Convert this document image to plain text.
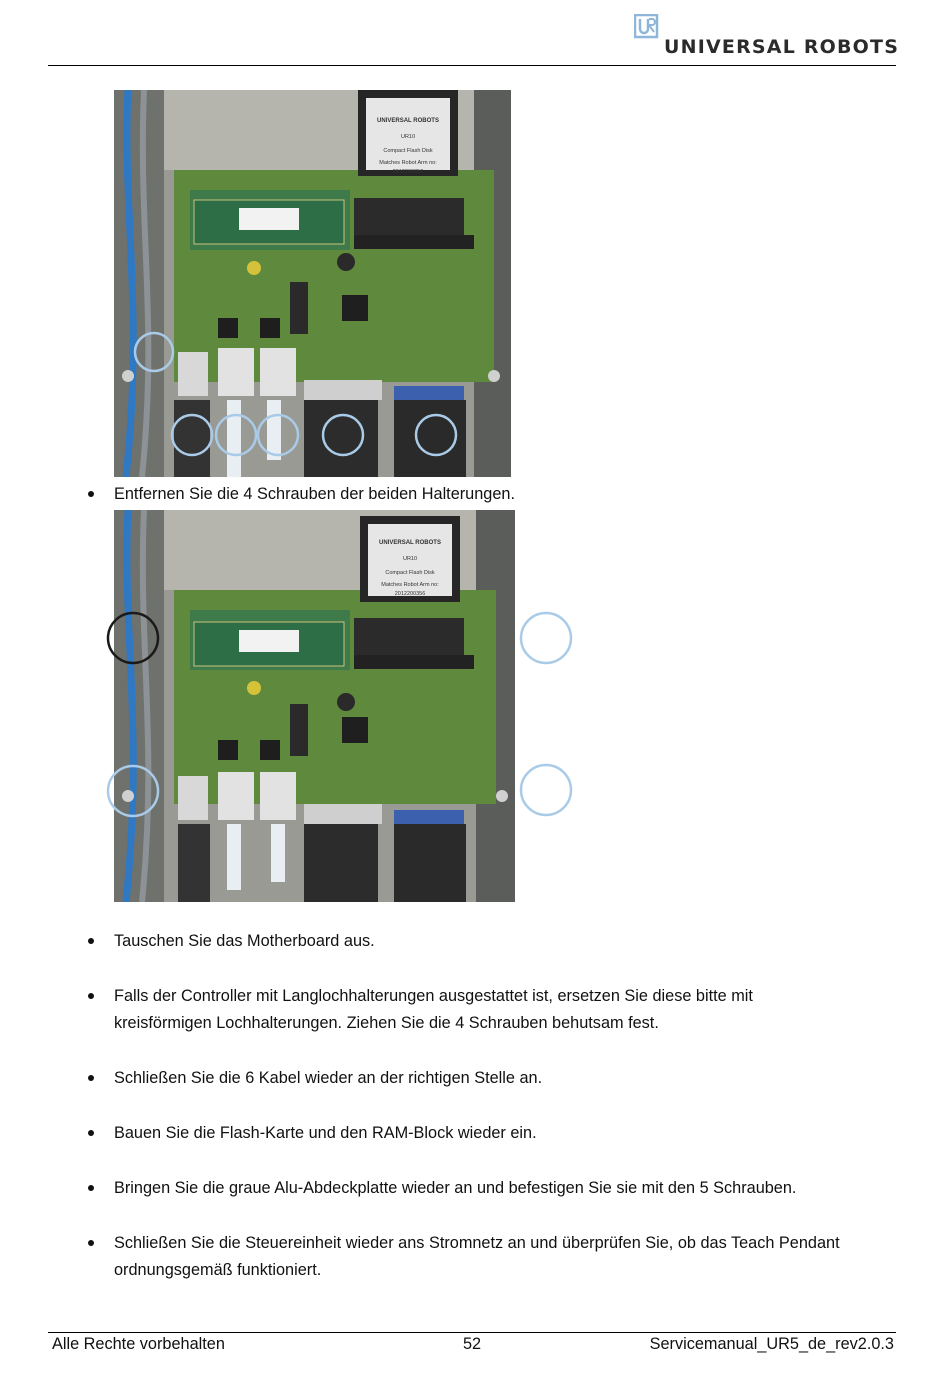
UNIVERSAL ROBOTS
UNIVERSAL ROBOTS
UR10
Compact Flash Disk
Matches Robot Arm no:
2012200356
Entfernen Sie die 4 Schrauben der beiden Halterungen.
UNIVERSAL ROBOTS
UR10
Compact Flash Disk
Matches Robot Arm no:
2012200356
Tauschen Sie das Motherboard aus.
Falls der Controller mit Langlochhalterungen ausgestattet ist, ersetzen Sie diese bitte mit
kreisförmigen Lochhalterungen. Ziehen Sie die 4 Schrauben behutsam fest.
Schließen Sie die 6 Kabel wieder an der richtigen Stelle an.
Bauen Sie die Flash-Karte und den RAM-Block wieder ein.
Bringen Sie die graue Alu-Abdeckplatte wieder an und befestigen Sie sie mit den 5 Schrauben.
Schließen Sie die Steuereinheit wieder ans Stromnetz an und überprüfen Sie, ob das Teach Pendant
ordnungsgemäß funktioniert.
Alle Rechte vorbehalten	52	Servicemanual_UR5_de_rev2.0.3
